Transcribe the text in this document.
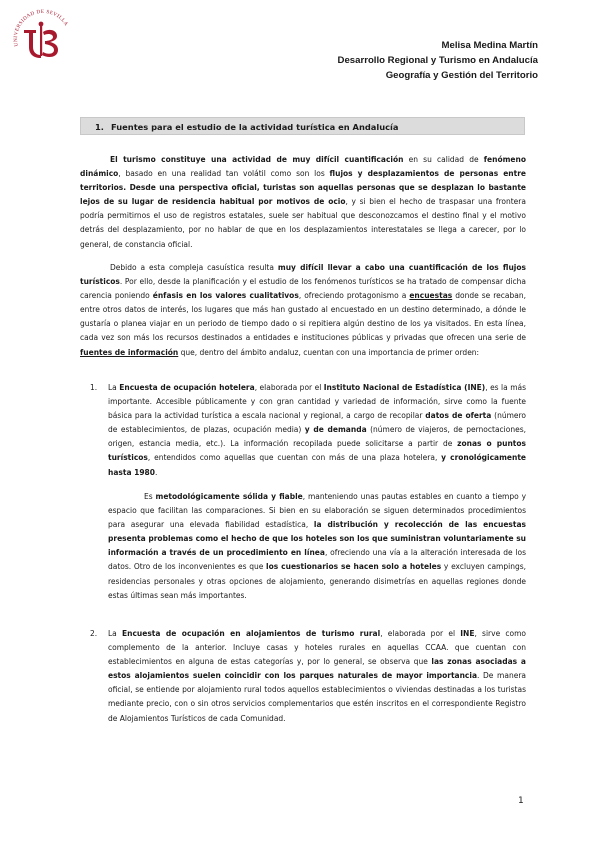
UNIVERSIDAD DE SEVILLA
Melisa Medina Martín
Desarrollo Regional y Turismo en Andalucía
Geografía y Gestión del Territorio
1. Fuentes para el estudio de la actividad turística en Andalucía
El turismo constituye una actividad de muy difícil cuantificación en su calidad de fenómeno dinámico, basado en una realidad tan volátil como son los flujos y desplazamientos de personas entre territorios. Desde una perspectiva oficial, turistas son aquellas personas que se desplazan lo bastante lejos de su lugar de residencia habitual por motivos de ocio, y si bien el hecho de traspasar una frontera podría permitirnos el uso de registros estatales, suele ser habitual que desconozcamos el destino final y el motivo detrás del desplazamiento, por no hablar de que en los desplazamientos interestatales se llega a carecer, por lo general, de constancia oficial.
Debido a esta compleja casuística resulta muy difícil llevar a cabo una cuantificación de los flujos turísticos. Por ello, desde la planificación y el estudio de los fenómenos turísticos se ha tratado de compensar dicha carencia poniendo énfasis en los valores cualitativos, ofreciendo protagonismo a encuestas donde se recaban, entre otros datos de interés, los lugares que más han gustado al encuestado en un destino determinado, a dónde le gustaría o planea viajar en un periodo de tiempo dado o si repitiera algún destino de los ya visitados. En esta línea, cada vez son más los recursos destinados a entidades e instituciones públicas y privadas que ofrecen una serie de fuentes de información que, dentro del ámbito andaluz, cuentan con una importancia de primer orden:
1. La Encuesta de ocupación hotelera, elaborada por el Instituto Nacional de Estadística (INE), es la más importante. Accesible públicamente y con gran cantidad y variedad de información, sirve como la fuente básica para la actividad turística a escala nacional y regional, a cargo de recopilar datos de oferta (número de establecimientos, de plazas, ocupación media) y de demanda (número de viajeros, de pernoctaciones, origen, estancia media, etc.). La información recopilada puede solicitarse a partir de zonas o puntos turísticos, entendidos como aquellas que cuentan con más de una plaza hotelera, y cronológicamente hasta 1980.
Es metodológicamente sólida y fiable, manteniendo unas pautas estables en cuanto a tiempo y espacio que facilitan las comparaciones. Si bien en su elaboración se siguen determinados procedimientos para asegurar una elevada fiabilidad estadística, la distribución y recolección de las encuestas presenta problemas como el hecho de que los hoteles son los que suministran voluntariamente su información a través de un procedimiento en línea, ofreciendo una vía a la alteración interesada de los datos. Otro de los inconvenientes es que los cuestionarios se hacen solo a hoteles y excluyen campings, residencias personales y otras opciones de alojamiento, generando disimetrías en aquellas regiones donde estas últimas sean más importantes.
2. La Encuesta de ocupación en alojamientos de turismo rural, elaborada por el INE, sirve como complemento de la anterior. Incluye casas y hoteles rurales en aquellas CCAA. que cuentan con establecimientos en alguna de estas categorías y, por lo general, se observa que las zonas asociadas a estos alojamientos suelen coincidir con los parques naturales de mayor importancia. De manera oficial, se entiende por alojamiento rural todos aquellos establecimientos o viviendas destinadas a los turistas mediante precio, con o sin otros servicios complementarios que estén inscritos en el correspondiente Registro de Alojamientos Turísticos de cada Comunidad.
1
